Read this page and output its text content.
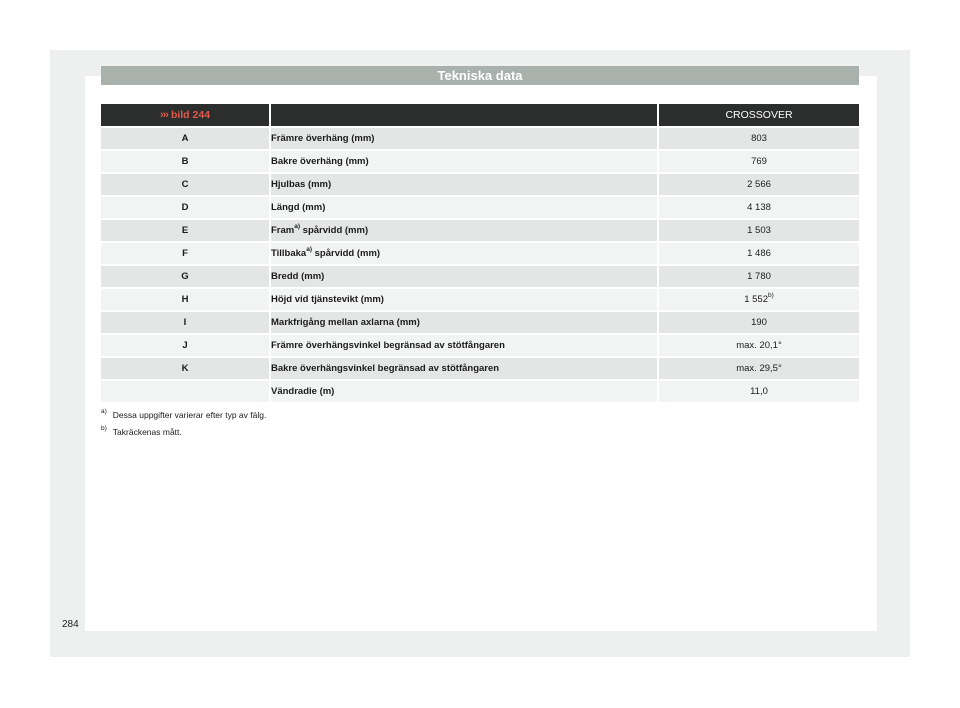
Tekniska data
››› bild 244		CROSSOVER
A	Främre överhäng (mm)	803
B	Bakre överhäng (mm)	769
C	Hjulbas (mm)	2 566
D	Längd (mm)	4 138
E	Fram$^{a)}$ spårvidd (mm)	1 503
F	Tillbaka$^{a)}$ spårvidd (mm)	1 486
G	Bredd (mm)	1 780
H	Höjd vid tjänstevikt (mm)	1 552$^{b)}$
I	Markfrigång mellan axlarna (mm)	190
J	Främre överhängsvinkel begränsad av stötfångaren	max. 20,1°
K	Bakre överhängsvinkel begränsad av stötfångaren	max. 29,5°
	Vändradie (m)	11,0
$^{a)}$ Dessa uppgifter varierar efter typ av fälg.
$^{b)}$ Takräckenas mått.
284
